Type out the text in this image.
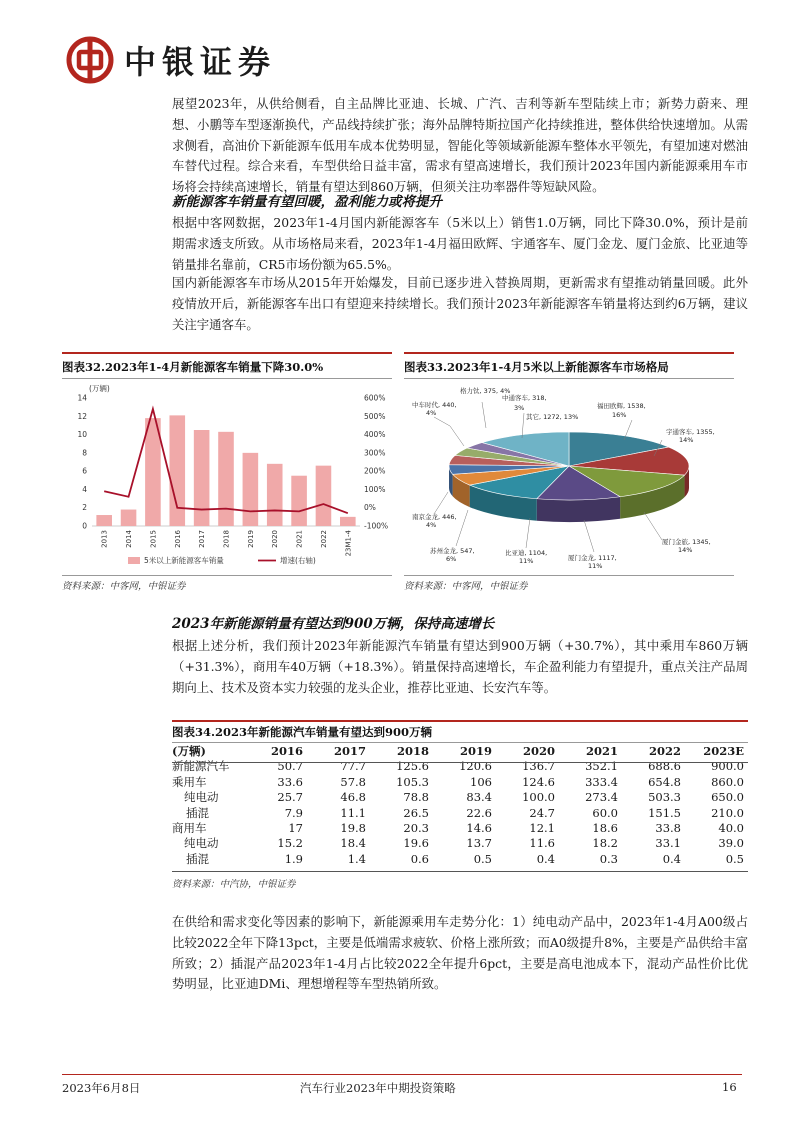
中银证券

展望2023年，从供给侧看，自主品牌比亚迪、长城、广汽、吉利等新车型陆续上市；新势力蔚来、理想、小鹏等车型逐渐换代，产品线持续扩张；海外品牌特斯拉国产化持续推进，整体供给快速增加。从需求侧看，高油价下新能源车低用车成本优势明显，智能化等领域新能源车整体水平领先，有望加速对燃油车替代过程。综合来看，车型供给日益丰富，需求有望高速增长，我们预计2023年国内新能源乘用车市场将会持续高速增长，销量有望达到860万辆，但须关注功率器件等短缺风险。

新能源客车销量有望回暖，盈利能力或将提升

根据中客网数据，2023年1-4月国内新能源客车（5米以上）销售1.0万辆，同比下降30.0%，预计是前期需求透支所致。从市场格局来看，2023年1-4月福田欧辉、宇通客车、厦门金龙、厦门金旅、比亚迪等销量排名靠前，CR5市场份额为65.5%。

国内新能源客车市场从2015年开始爆发，目前已逐步进入替换周期，更新需求有望推动销量回暖。此外疫情放开后，新能源客车出口有望迎来持续增长。我们预计2023年新能源客车销量将达到约6万辆，建议关注宇通客车。

图表32.2023年1-4月新能源客车销量下降30.0%
(万辆)
0
2
4
6
8
10
12
14
-100%
0%
100%
200%
300%
400%
500%
600%
2013 2014 2015 2016 2017 2018 2019 2020 2021 2022 23M1-4
5米以上新能源客车销量	增速(右轴)
资料来源：中客网，中银证券
图表33.2023年1-4月5米以上新能源客车市场格局
福田欧辉, 1538,
16%
宇通客车, 1355,
14%
厦门金旅, 1345,
14%
厦门金龙, 1117,
11%
比亚迪, 1104,
11%
苏州金龙, 547,
6%
南京金龙, 446,
4%
中车时代, 440,
4%
格力钛, 375, 4%
中通客车, 318,
3%
其它, 1272, 13%
资料来源：中客网，中银证券
2023年新能源销量有望达到900万辆，保持高速增长

根据上述分析，我们预计2023年新能源汽车销量有望达到900万辆（+30.7%），其中乘用车860万辆（+31.3%），商用车40万辆（+18.3%）。销量保持高速增长，车企盈利能力有望提升，重点关注产品周期向上、技术及资本实力较强的龙头企业，推荐比亚迪、长安汽车等。

图表34.2023年新能源汽车销量有望达到900万辆
(万辆)	2016	2017	2018	2019	2020	2021	2022	2023E
新能源汽车	50.7	77.7	125.6	120.6	136.7	352.1	688.6	900.0
乘用车	33.6	57.8	105.3	106	124.6	333.4	654.8	860.0
纯电动	25.7	46.8	78.8	83.4	100.0	273.4	503.3	650.0
插混	7.9	11.1	26.5	22.6	24.7	60.0	151.5	210.0
商用车	17	19.8	20.3	14.6	12.1	18.6	33.8	40.0
纯电动	15.2	18.4	19.6	13.7	11.6	18.2	33.1	39.0
插混	1.9	1.4	0.6	0.5	0.4	0.3	0.4	0.5
资料来源：中汽协，中银证券

在供给和需求变化等因素的影响下，新能源乘用车走势分化：1）纯电动产品中，2023年1-4月A00级占比较2022全年下降13pct，主要是低端需求疲软、价格上涨所致；而A0级提升8%，主要是产品供给丰富所致；2）插混产品2023年1-4月占比较2022全年提升6pct，主要是高电池成本下，混动产品性价比优势明显，比亚迪DMi、理想增程等车型热销所致。

2023年6月8日	汽车行业2023年中期投资策略	16
